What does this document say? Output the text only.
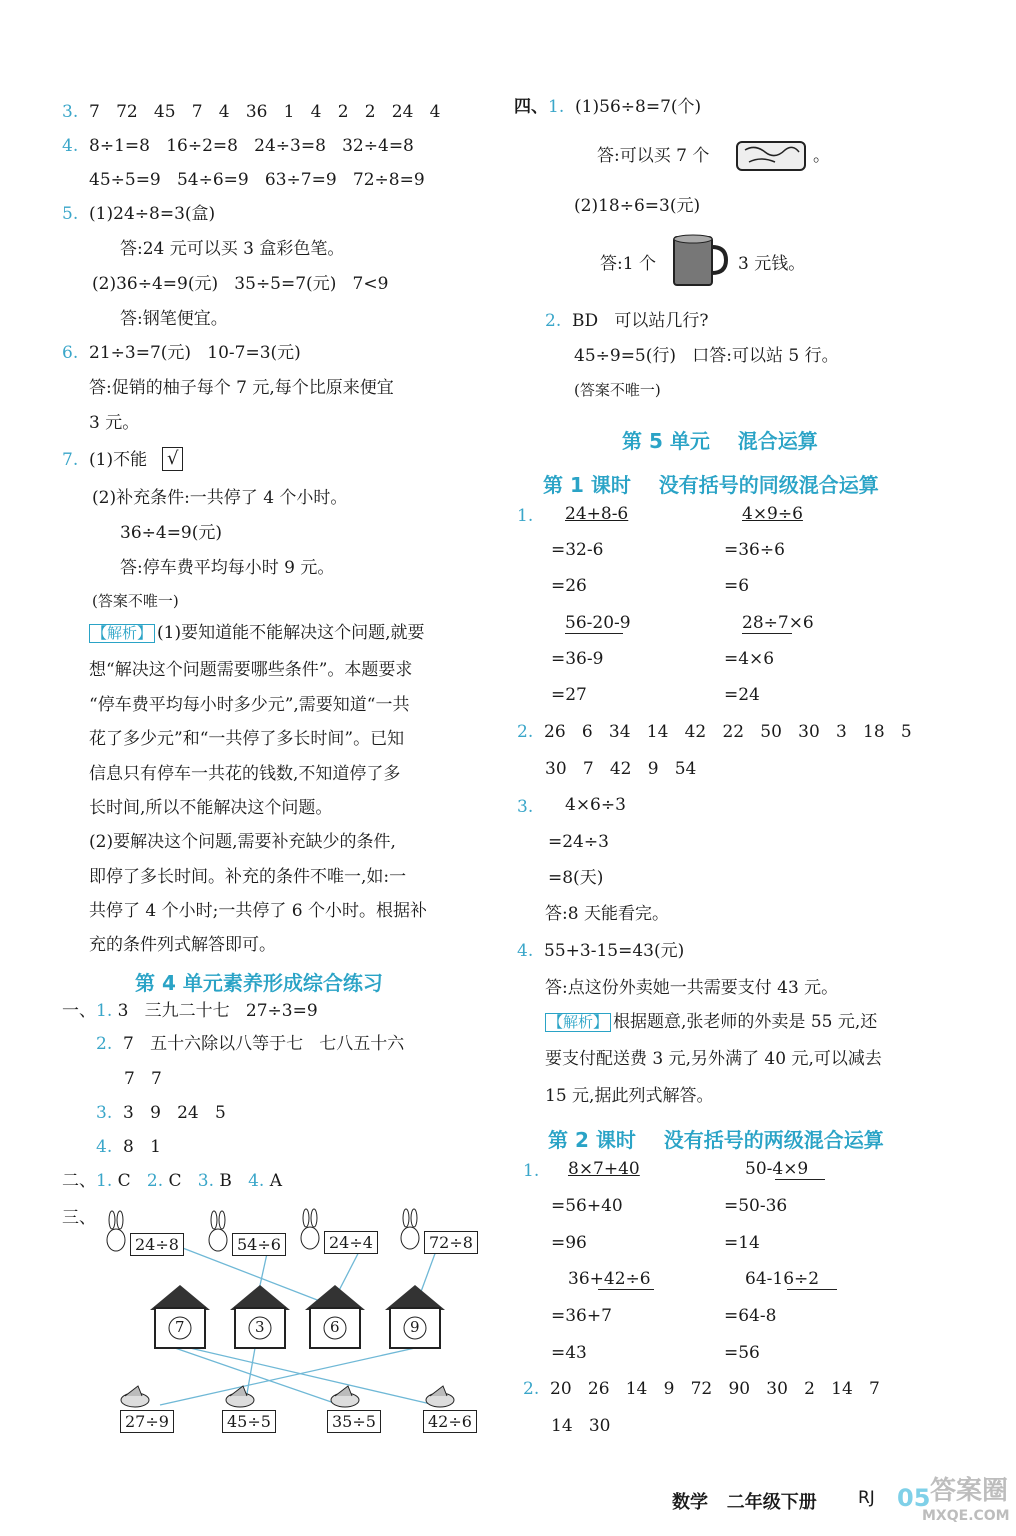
3. 7   72   45   7   4   36   1   4   2   2   24   4
4. 8÷1=8   16÷2=8   24÷3=8   32÷4=8
45÷5=9   54÷6=9   63÷7=9   72÷8=9
5. (1)24÷8=3(盒)
答:24 元可以买 3 盒彩色笔。
(2)36÷4=9(元)   35÷5=7(元)   7<9
答:钢笔便宜。
6. 21÷3=7(元)   10-7=3(元)
答:促销的柚子每个 7 元,每个比原来便宜
3 元。
7. (1)不能 √
(2)补充条件:一共停了 4 个小时。
36÷4=9(元)
答:停车费平均每小时 9 元。
(答案不唯一)
【解析】 (1)要知道能不能解决这个问题,就要
想“解决这个问题需要哪些条件”。本题要求
“停车费平均每小时多少元”,需要知道“一共
花了多少元”和“一共停了多长时间”。已知
信息只有停车一共花的钱数,不知道停了多
长时间,所以不能解决这个问题。
(2)要解决这个问题,需要补充缺少的条件,
即停了多长时间。补充的条件不唯一,如:一
共停了 4 个小时;一共停了 6 个小时。根据补
充的条件列式解答即可。
第 4 单元素养形成综合练习
一、1. 3   三九二十七   27÷3=9
2. 7   五十六除以八等于七   七八五十六
7   7
3. 3   9   24   5
4. 8   1
二、1. C 2. C 3. B 4. A
三、
24÷8	54÷6	24÷4	72÷8
7	3	6	9
27÷9	45÷5	35÷5	42÷6
四、1. (1)56÷8=7(个)
答:可以买 7 个	。
(2)18÷6=3(元)
答:1 个	3 元钱。
2. BD   可以站几行?
45÷9=5(行)   口答:可以站 5 行。
(答案不唯一)
第 5 单元    混合运算
第 1 课时    没有括号的同级混合运算
1. 24+8-6
=32-6
=26
4×9÷6
=36÷6
=6
56-20-9
=36-9
=27
28÷7×6
=4×6
=24
2. 26   6   34   14   42   22   50   30   3   18   5
30   7   42   9   54
3. 4×6÷3
=24÷3
=8(天)
答:8 天能看完。
4. 55+3-15=43(元)
答:点这份外卖她一共需要支付 43 元。
【解析】 根据题意,张老师的外卖是 55 元,还
要支付配送费 3 元,另外满了 40 元,可以减去
15 元,据此列式解答。
第 2 课时    没有括号的两级混合运算
1. 8×7+40
=56+40
=96
50-4×9
=50-36
=14
36+42÷6
=36+7
=43
64-16÷2
=64-8
=56
2. 20   26   14   9   72   90   30   2   14   7
14   30
数学   二年级下册 RJ 05 答案圈
MXQE.COM
